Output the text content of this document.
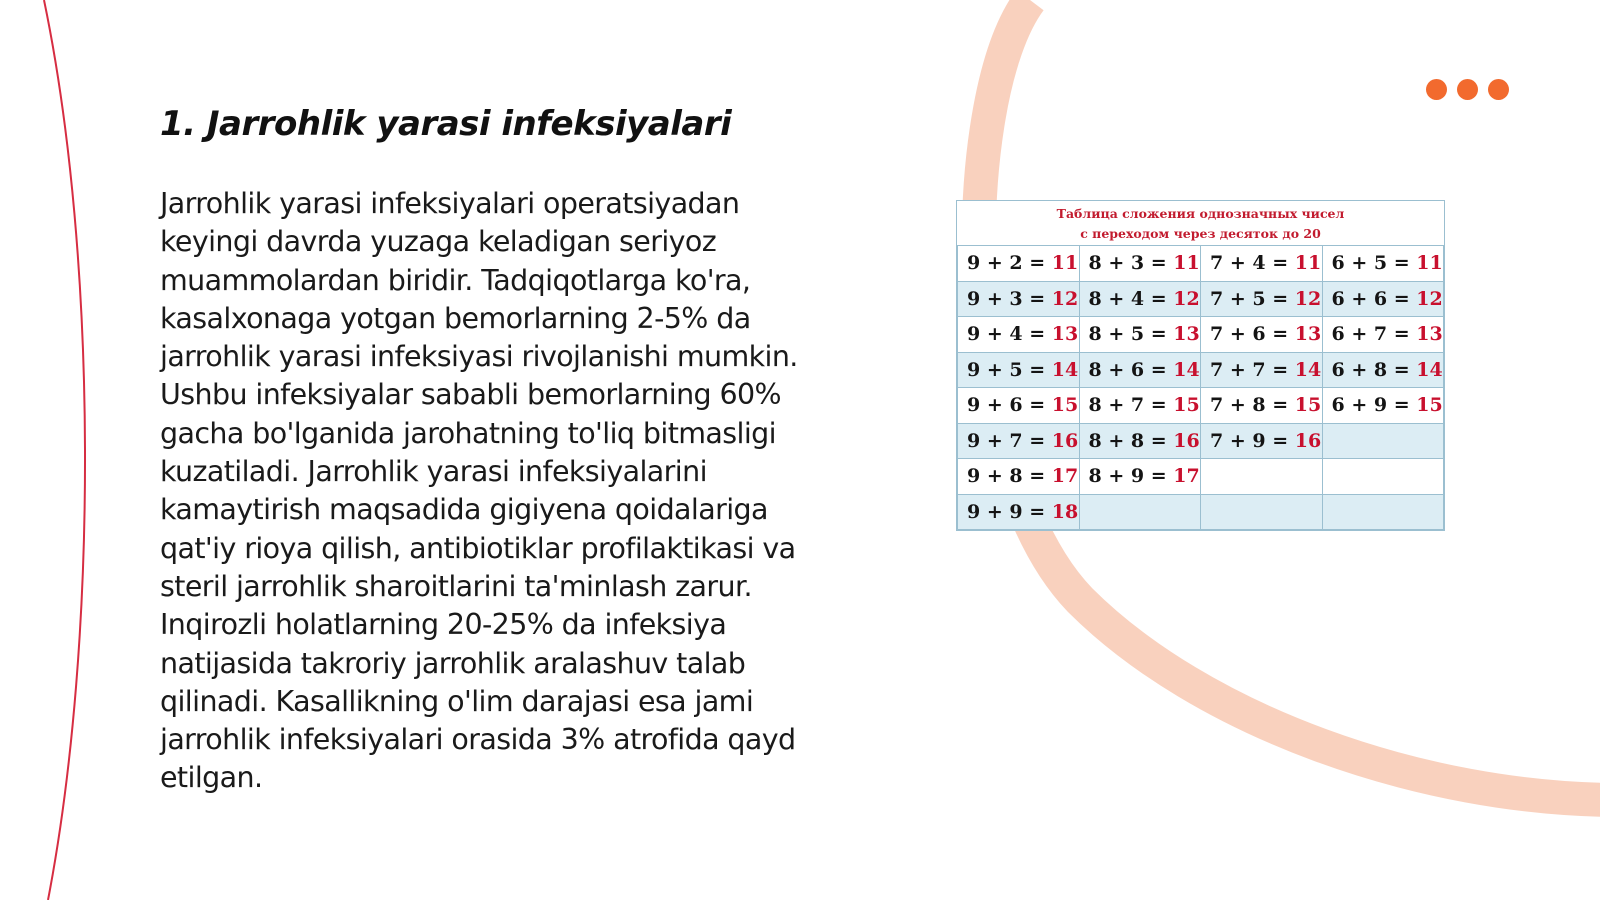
1. Jarrohlik yarasi infeksiyalari

Jarrohlik yarasi infeksiyalari operatsiyadan keyingi davrda yuzaga keladigan seriyoz muammolardan biridir. Tadqiqotlarga ko'ra, kasalxonaga yotgan bemorlarning 2-5% da jarrohlik yarasi infeksiyasi rivojlanishi mumkin. Ushbu infeksiyalar sababli bemorlarning 60% gacha bo'lganida jarohatning to'liq bitmasligi kuzatiladi. Jarrohlik yarasi infeksiyalarini kamaytirish maqsadida gigiyena qoidalariga qat'iy rioya qilish, antibiotiklar profilaktikasi va steril jarrohlik sharoitlarini ta'minlash zarur. Inqirozli holatlarning 20-25% da infeksiya natijasida takroriy jarrohlik aralashuv talab qilinadi. Kasallikning o'lim darajasi esa jami jarrohlik infeksiyalari orasida 3% atrofida qayd etilgan.

Таблица сложения однозначных чисел
с переходом через десяток до 20
9 + 2 = 11	8 + 3 = 11	7 + 4 = 11	6 + 5 = 11
9 + 3 = 12	8 + 4 = 12	7 + 5 = 12	6 + 6 = 12
9 + 4 = 13	8 + 5 = 13	7 + 6 = 13	6 + 7 = 13
9 + 5 = 14	8 + 6 = 14	7 + 7 = 14	6 + 8 = 14
9 + 6 = 15	8 + 7 = 15	7 + 8 = 15	6 + 9 = 15
9 + 7 = 16	8 + 8 = 16	7 + 9 = 16	
9 + 8 = 17	8 + 9 = 17		
9 + 9 = 18			
